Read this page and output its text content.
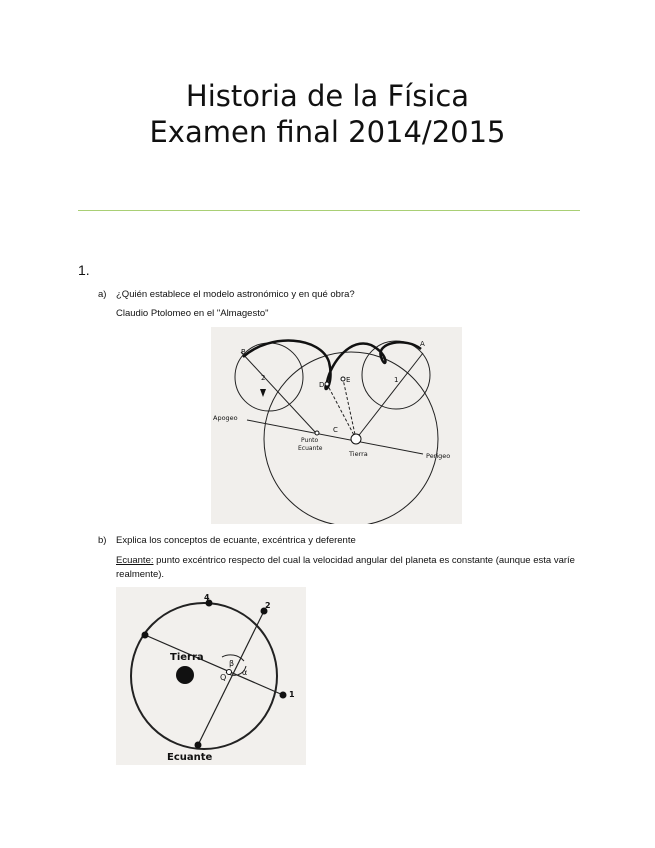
Historia de la Física
Examen final 2014/2015
1.
a) ¿Quién establece el modelo astronómico y en qué obra?
Claudio Ptolomeo en el "Almagesto"
B
A
2	1
D
E
C
Apogeo
Perigeo
Punto
Ecuante
Tierra
b) Explica los conceptos de ecuante, excéntrica y deferente
Ecuante: punto excéntrico respecto del cual la velocidad angular del planeta es constante (aunque esta varíe realmente).
Tierra
Ecuante
1
2
4
Q
α
β
